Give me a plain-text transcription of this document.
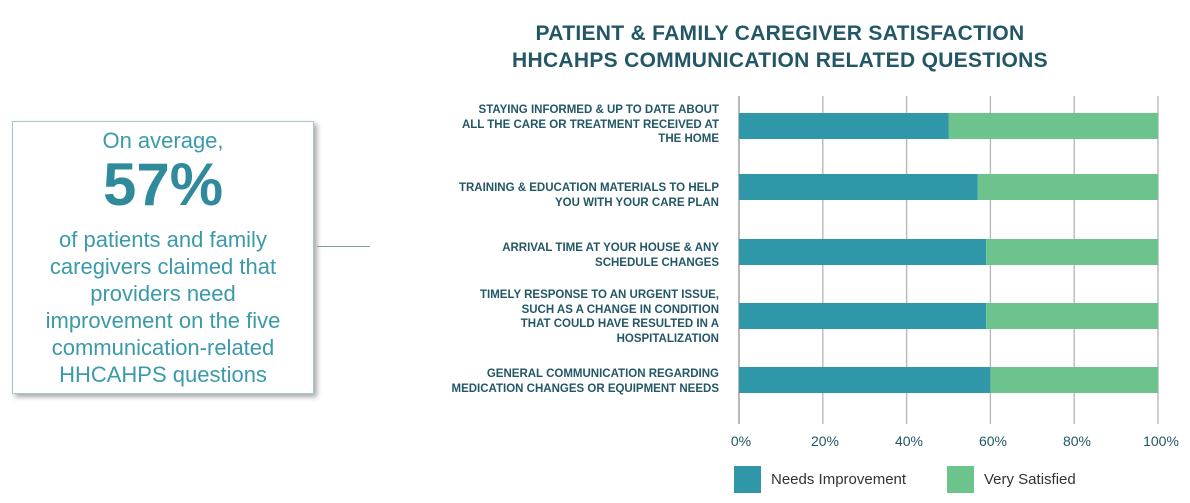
On average,
57%
of patients and family
caregivers claimed that
providers need
improvement on the five
communication-related
HHCAHPS questions
PATIENT & FAMILY CAREGIVER SATISFACTION
HHCAHPS COMMUNICATION RELATED QUESTIONS
STAYING INFORMED & UP TO DATE ABOUT
ALL THE CARE OR TREATMENT RECEIVED AT
THE HOME
TRAINING & EDUCATION MATERIALS TO HELP
YOU WITH YOUR CARE PLAN
ARRIVAL TIME AT YOUR HOUSE & ANY
SCHEDULE CHANGES
TIMELY RESPONSE TO AN URGENT ISSUE,
SUCH AS A CHANGE IN CONDITION
THAT COULD HAVE RESULTED IN A
HOSPITALIZATION
GENERAL COMMUNICATION REGARDING
MEDICATION CHANGES OR EQUIPMENT NEEDS
0%	20%	40%	60%	80%	100%
Needs Improvement	Very Satisfied
